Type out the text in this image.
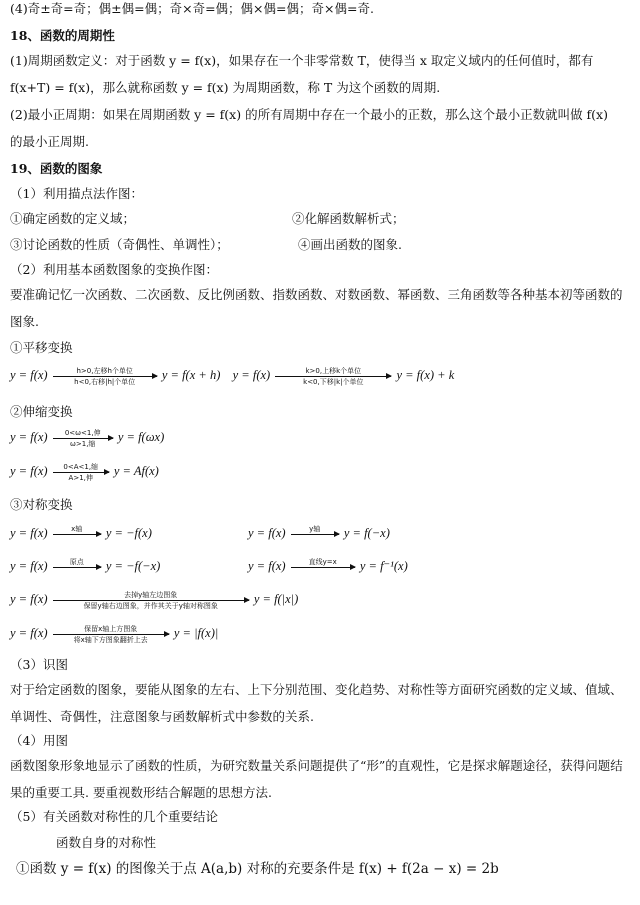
(4)奇±奇=奇；偶±偶=偶；奇×奇=偶；偶×偶=偶；奇×偶=奇.
18、函数的周期性
(1)周期函数定义：对于函数 y = f(x)，如果存在一个非零常数 T，使得当 x 取定义域内的任何值时，都有
f(x+T) = f(x)，那么就称函数 y = f(x) 为周期函数，称 T 为这个函数的周期.
(2)最小正周期：如果在周期函数 y = f(x) 的所有周期中存在一个最小的正数，那么这个最小正数就叫做 f(x)
的最小正周期.
19、函数的图象
（1）利用描点法作图：
①确定函数的定义域；	②化解函数解析式；
③讨论函数的性质（奇偶性、单调性）；	④画出函数的图象.
（2）利用基本函数图象的变换作图：
要准确记忆一次函数、二次函数、反比例函数、指数函数、对数函数、幂函数、三角函数等各种基本初等函数的图象.
①平移变换
y = f(x)	h>0,左移h个单位
h<0,右移|h|个单位	y = f(x + h) y = f(x)	k>0,上移k个单位
k<0,下移|k|个单位	y = f(x) + k
②伸缩变换
y = f(x)	0<ω<1,伸
ω>1,缩	y = f(ωx)
y = f(x)	0<A<1,缩
A>1,伸	y = Af(x)
③对称变换
y = f(x)	x轴
	y = −f(x)	y = f(x)	y轴
	y = f(−x)
y = f(x)	原点
	y = −f(−x)	y = f(x)	直线y=x
	y = f⁻¹(x)
y = f(x)	去掉y轴左边图象
保留y轴右边图象，并作其关于y轴对称图象	y = f(|x|)
y = f(x)	保留x轴上方图象
将x轴下方图象翻折上去	y = |f(x)|
（3）识图
对于给定函数的图象，要能从图象的左右、上下分别范围、变化趋势、对称性等方面研究函数的定义域、值域、单调性、奇偶性，注意图象与函数解析式中参数的关系.
（4）用图
函数图象形象地显示了函数的性质，为研究数量关系问题提供了“形”的直观性，它是探求解题途径，获得问题结果的重要工具. 要重视数形结合解题的思想方法.
（5）有关函数对称性的几个重要结论
函数自身的对称性
①函数 y = f(x) 的图像关于点 A(a,b) 对称的充要条件是 f(x) + f(2a − x) = 2b
